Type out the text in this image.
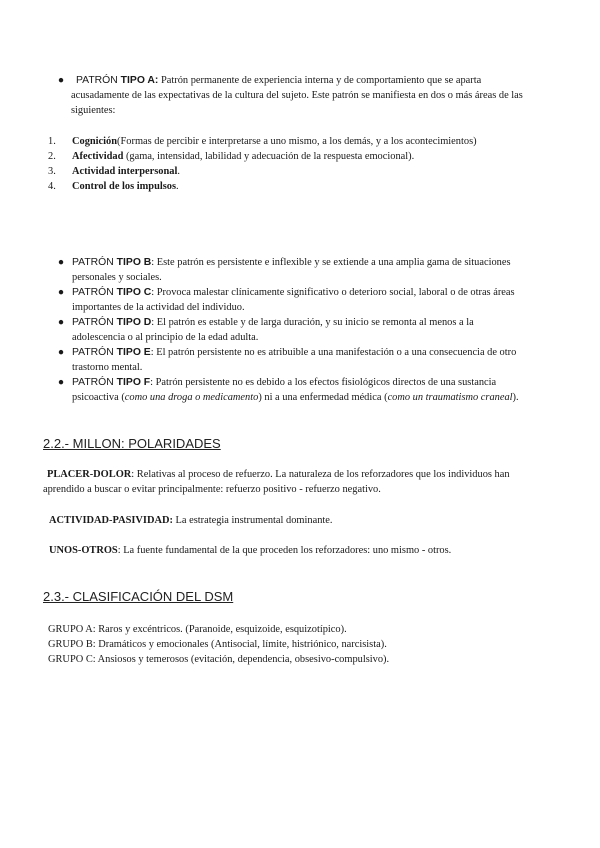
● PATRÓN TIPO A: Patrón permanente de experiencia interna y de comportamiento que se aparta
acusadamente de las expectativas de la cultura del sujeto. Este patrón se manifiesta en dos o más áreas de las
siguientes:
1.	Cognición(Formas de percibir e interpretarse a uno mismo, a los demás, y a los acontecimientos)
2.	Afectividad (gama, intensidad, labilidad y adecuación de la respuesta emocional).
3.	Actividad interpersonal.
4.	Control de los impulsos.
● PATRÓN TIPO B: Este patrón es persistente e inflexible y se extiende a una amplia gama de situaciones
personales y sociales.
● PATRÓN TIPO C: Provoca malestar clínicamente significativo o deterioro social, laboral o de otras áreas
importantes de la actividad del individuo.
● PATRÓN TIPO D: El patrón es estable y de larga duración, y su inicio se remonta al menos a la
adolescencia o al principio de la edad adulta.
● PATRÓN TIPO E: El patrón persistente no es atribuible a una manifestación o a una consecuencia de otro
trastorno mental.
● PATRÓN TIPO F: Patrón persistente no es debido a los efectos fisiológicos directos de una sustancia
psicoactiva (como una droga o medicamento) ni a una enfermedad médica (como un traumatismo craneal).
2.2.- MILLON: POLARIDADES
PLACER-DOLOR: Relativas al proceso de refuerzo. La naturaleza de los reforzadores que los individuos han
aprendido a buscar o evitar principalmente: refuerzo positivo - refuerzo negativo.
ACTIVIDAD-PASIVIDAD: La estrategia instrumental dominante.
UNOS-OTROS: La fuente fundamental de la que proceden los reforzadores: uno mismo - otros.
2.3.- CLASIFICACIÓN DEL DSM
GRUPO A: Raros y excéntricos. (Paranoide, esquizoide, esquizotípico).
GRUPO B: Dramáticos y emocionales (Antisocial, límite, histriónico, narcisista).
GRUPO C: Ansiosos y temerosos (evitación, dependencia, obsesivo-compulsivo).
